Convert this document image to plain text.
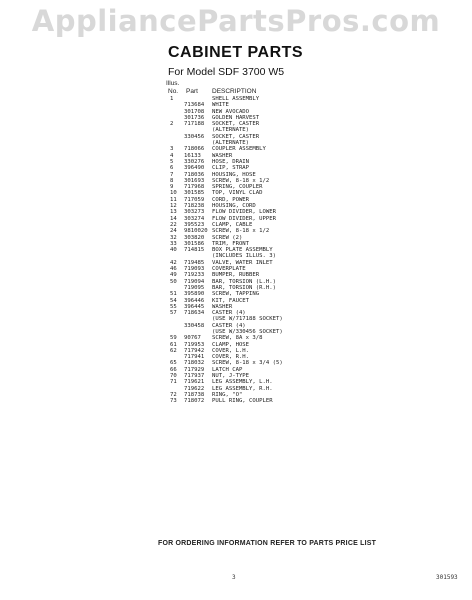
AppliancePartsPros.com
CABINET PARTS
For Model SDF 3700 W5
Illus.
No. Part DESCRIPTION
1	SHELL ASSEMBLY
713684 WHITE
301708 NEW AVOCADO
301736 GOLDEN HARVEST
2	717188 SOCKET, CASTER
(ALTERNATE)
330456 SOCKET, CASTER
(ALTERNATE)
3	718066 COUPLER ASSEMBLY
4	16133 WASHER
5	330276 HOSE, DRAIN
6	396490 CLIP, STRAP
7	718036 HOUSING, HOSE
8	301693 SCREW, 8-18 x 1/2
9	717968 SPRING, COUPLER
10	301585 TOP, VINYL CLAD
11	717059 CORD, POWER
12	718238 HOUSING, CORD
13	303273 FLOW DIVIDER, LOWER
14	303274 FLOW DIVIDER, UPPER
22	395523 CLAMP, CABLE
24	9810020 SCREW, 8-18 x 1/2
32	303820 SCREW (2)
33	301586 TRIM, FRONT
40	714815 BOX PLATE ASSEMBLY
(INCLUDES ILLUS. 3)
42	719485 VALVE, WATER INLET
46	719093 COVERPLATE
49	719233 BUMPER, RUBBER
50	719094 BAR, TORSION (L.H.)
719095 BAR, TORSION (R.H.)
51	395890 SCREW, TAPPING
54	396446 KIT, FAUCET
55	396445 WASHER
57	718634 CASTER (4)
(USE W/717188 SOCKET)
330458 CASTER (4)
(USE W/330456 SOCKET)
59	90767 SCREW, 8A x 3/8
61	719953 CLAMP, HOSE
62	717942 COVER, L.H.
717941 COVER, R.H.
65	718032 SCREW, 8-18 x 3/4 (5)
66	717929 LATCH CAP
70	717937 NUT, J-TYPE
71	719621 LEG ASSEMBLY, L.H.
719622 LEG ASSEMBLY, R.H.
72	718738 RING, "O"
73	718072 PULL RING, COUPLER
FOR ORDERING INFORMATION REFER TO PARTS PRICE LIST
3	301593
